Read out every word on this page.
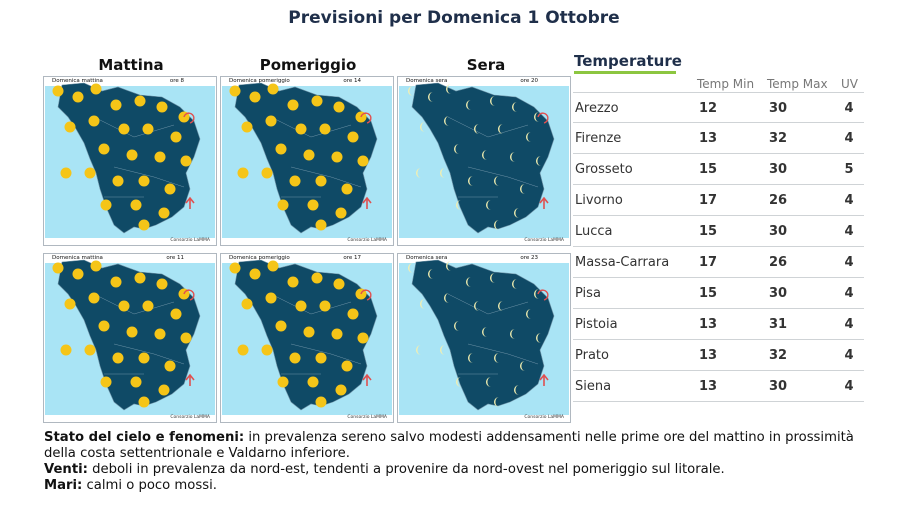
Previsioni per Domenica 1 Ottobre
Mattina	Pomeriggio	Sera
Domenica mattina	ore 8
Consorzio LaMMA
Domenica pomeriggio	ore 14
Consorzio LaMMA
Domenica sera	ore 20
Consorzio LaMMA
Domenica mattina	ore 11
Consorzio LaMMA
Domenica pomeriggio	ore 17
Consorzio LaMMA
Domenica sera	ore 23
Consorzio LaMMA
Temperature
Temp Min Temp Max UV
Arezzo	12	30	4
Firenze	13	32	4
Grosseto	15	30	5
Livorno	17	26	4
Lucca	15	30	4
Massa-Carrara	17	26	4
Pisa	15	30	4
Pistoia	13	31	4
Prato	13	32	4
Siena	13	30	4

Stato del cielo e fenomeni: in prevalenza sereno salvo modesti addensamenti nelle prime ore del mattino in prossimità della costa settentrionale e Valdarno inferiore.

Venti: deboli in prevalenza da nord-est, tendenti a provenire da nord-ovest nel pomeriggio sul litorale.

Mari: calmi o poco mossi.
